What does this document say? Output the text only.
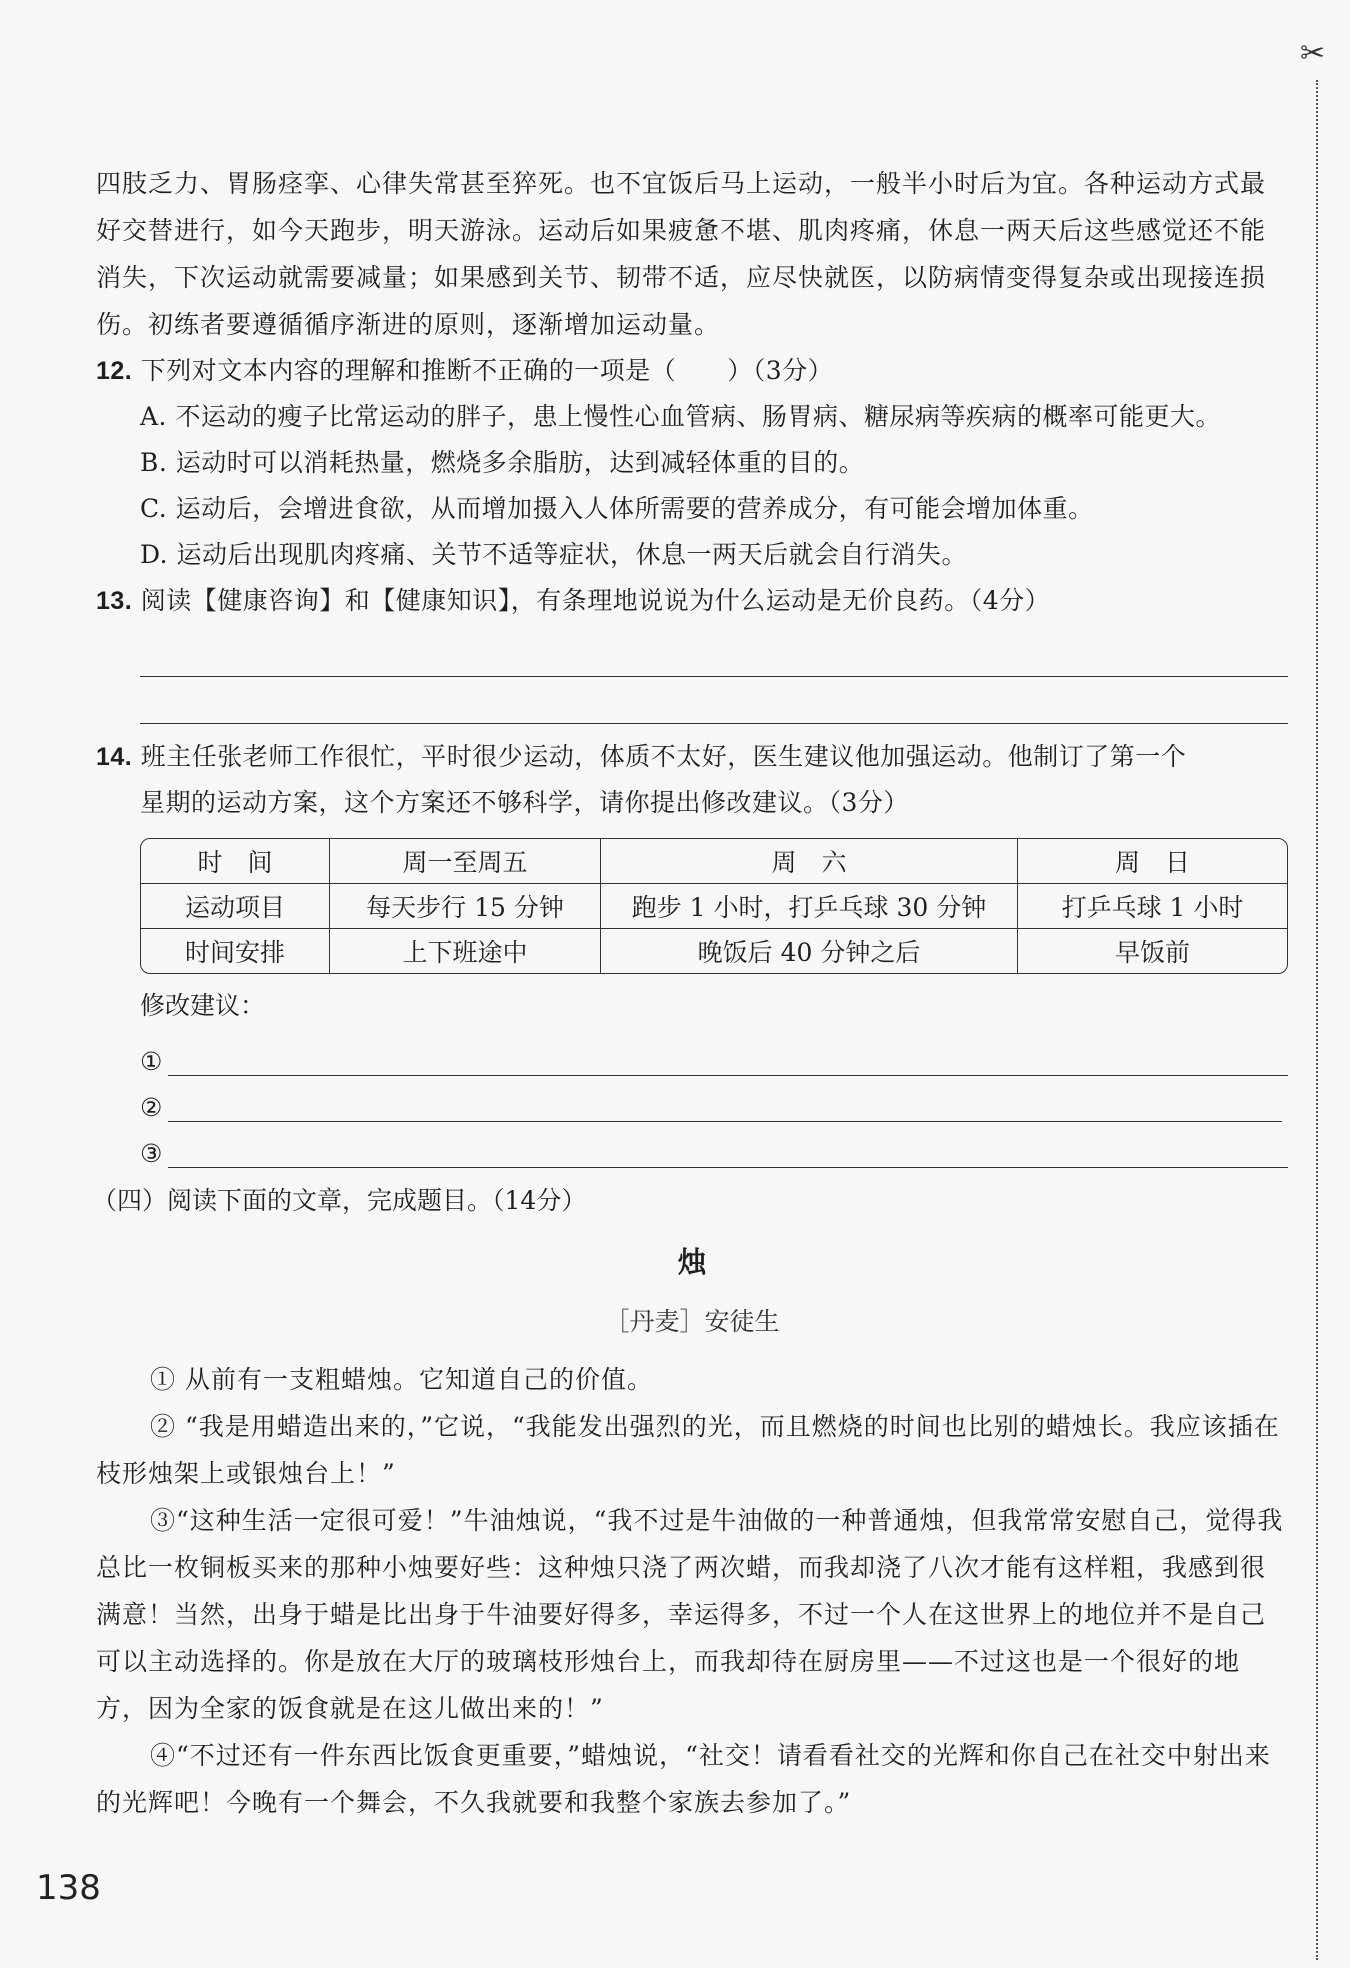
✂

四肢乏力、胃肠痉挛、心律失常甚至猝死。也不宜饭后马上运动，一般半小时后为宜。各种运动方式最好交替进行，如今天跑步，明天游泳。运动后如果疲惫不堪、肌肉疼痛，休息一两天后这些感觉还不能消失，下次运动就需要减量；如果感到关节、韧带不适，应尽快就医，以防病情变得复杂或出现接连损伤。初练者要遵循循序渐进的原则，逐渐增加运动量。

12. 下列对文本内容的理解和推断不正确的一项是（　　）（3分）

A. 不运动的瘦子比常运动的胖子，患上慢性心血管病、肠胃病、糖尿病等疾病的概率可能更大。

B. 运动时可以消耗热量，燃烧多余脂肪，达到减轻体重的目的。

C. 运动后，会增进食欲，从而增加摄入人体所需要的营养成分，有可能会增加体重。

D. 运动后出现肌肉疼痛、关节不适等症状，休息一两天后就会自行消失。

13. 阅读【健康咨询】和【健康知识】，有条理地说说为什么运动是无价良药。（4分）

14. 班主任张老师工作很忙，平时很少运动，体质不太好，医生建议他加强运动。他制订了第一个

星期的运动方案，这个方案还不够科学，请你提出修改建议。（3分）

时　间	周一至周五	周　六	周　日
运动项目	每天步行 15 分钟	跑步 1 小时，打乒乓球 30 分钟	打乒乓球 1 小时
时间安排	上下班途中	晚饭后 40 分钟之后	早饭前

修改建议：

①
②
③

（四）阅读下面的文章，完成题目。（14分）

烛

［丹麦］安徒生

① 从前有一支粗蜡烛。它知道自己的价值。

② “我是用蜡造出来的，”它说，“我能发出强烈的光，而且燃烧的时间也比别的蜡烛长。我应该插在枝形烛架上或银烛台上！”

③“这种生活一定很可爱！”牛油烛说，“我不过是牛油做的一种普通烛，但我常常安慰自己，觉得我总比一枚铜板买来的那种小烛要好些：这种烛只浇了两次蜡，而我却浇了八次才能有这样粗，我感到很满意！当然，出身于蜡是比出身于牛油要好得多，幸运得多，不过一个人在这世界上的地位并不是自己可以主动选择的。你是放在大厅的玻璃枝形烛台上，而我却待在厨房里——不过这也是一个很好的地方，因为全家的饭食就是在这儿做出来的！”

④“不过还有一件东西比饭食更重要，”蜡烛说，“社交！请看看社交的光辉和你自己在社交中射出来的光辉吧！今晚有一个舞会，不久我就要和我整个家族去参加了。”

138
